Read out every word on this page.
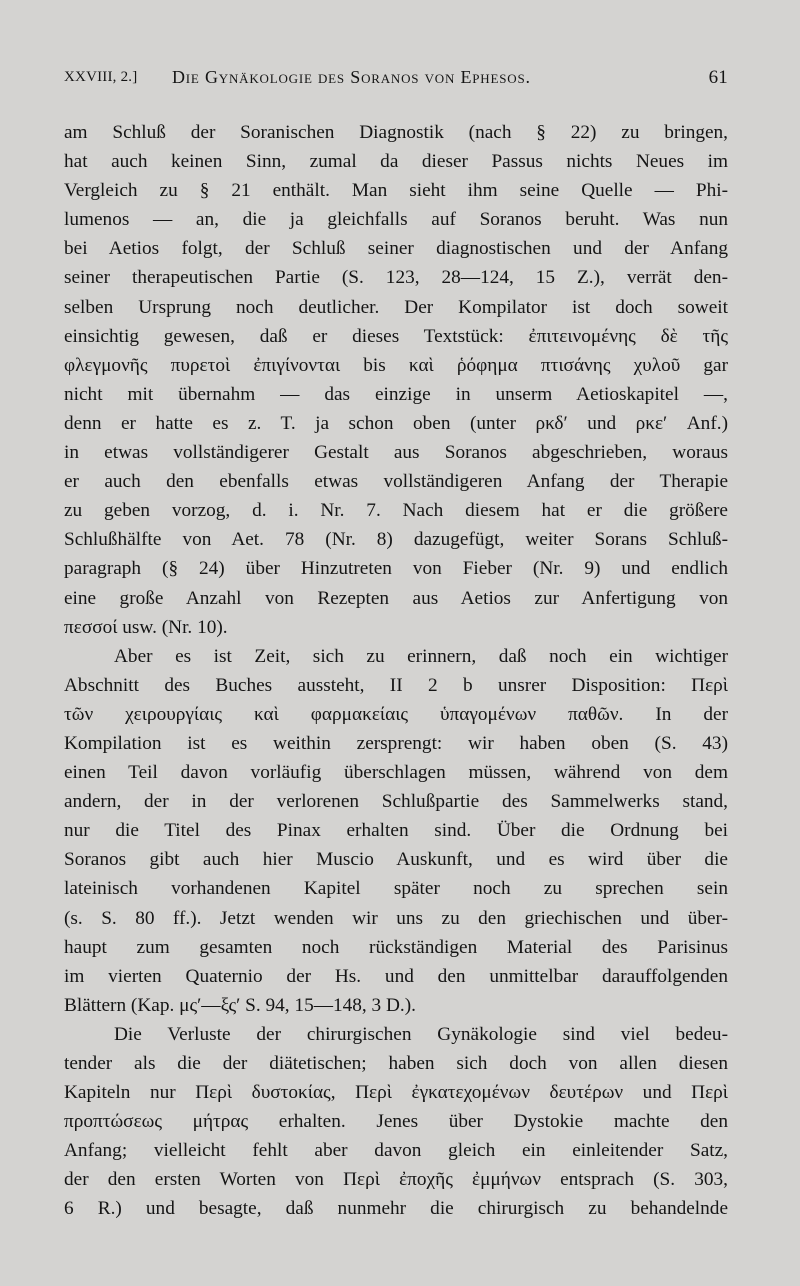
XXVIII, 2.] Die Gynäkologie des Soranos von Ephesos.	61
am Schluß der Soranischen Diagnostik (nach § 22) zu bringen,
hat auch keinen Sinn, zumal da dieser Passus nichts Neues im
Vergleich zu § 21 enthält. Man sieht ihm seine Quelle — Phi-
lumenos — an, die ja gleichfalls auf Soranos beruht. Was nun
bei Aetios folgt, der Schluß seiner diagnostischen und der Anfang
seiner therapeutischen Partie (S. 123, 28—124, 15 Z.), verrät den-
selben Ursprung noch deutlicher. Der Kompilator ist doch soweit
einsichtig gewesen, daß er dieses Textstück: ἐπιτεινομένης δὲ τῆς
φλεγμονῆς πυρετοὶ ἐπιγίνονται bis καὶ ῥόφημα πτισάνης χυλοῦ gar
nicht mit übernahm — das einzige in unserm Aetioskapitel —,
denn er hatte es z. T. ja schon oben (unter ρκδ′ und ρκε′ Anf.)
in etwas vollständigerer Gestalt aus Soranos abgeschrieben, woraus
er auch den ebenfalls etwas vollständigeren Anfang der Therapie
zu geben vorzog, d. i. Nr. 7. Nach diesem hat er die größere
Schlußhälfte von Aet. 78 (Nr. 8) dazugefügt, weiter Sorans Schluß-
paragraph (§ 24) über Hinzutreten von Fieber (Nr. 9) und endlich
eine große Anzahl von Rezepten aus Aetios zur Anfertigung von
πεσσοί usw. (Nr. 10).
Aber es ist Zeit, sich zu erinnern, daß noch ein wichtiger
Abschnitt des Buches aussteht, II 2 b unsrer Disposition: Περὶ
τῶν χειρουργίαις καὶ φαρμακείαις ὑπαγομένων παθῶν. In der
Kompilation ist es weithin zersprengt: wir haben oben (S. 43)
einen Teil davon vorläufig überschlagen müssen, während von dem
andern, der in der verlorenen Schlußpartie des Sammelwerks stand,
nur die Titel des Pinax erhalten sind. Über die Ordnung bei
Soranos gibt auch hier Muscio Auskunft, und es wird über die
lateinisch vorhandenen Kapitel später noch zu sprechen sein
(s. S. 80 ff.). Jetzt wenden wir uns zu den griechischen und über-
haupt zum gesamten noch rückständigen Material des Parisinus
im vierten Quaternio der Hs. und den unmittelbar darauffolgenden
Blättern (Kap. μς′—ξς′ S. 94, 15—148, 3 D.).
Die Verluste der chirurgischen Gynäkologie sind viel bedeu-
tender als die der diätetischen; haben sich doch von allen diesen
Kapiteln nur Περὶ δυστοκίας, Περὶ ἐγκατεχομένων δευτέρων und Περὶ
προπτώσεως μήτρας erhalten. Jenes über Dystokie machte den
Anfang; vielleicht fehlt aber davon gleich ein einleitender Satz,
der den ersten Worten von Περὶ ἐποχῆς ἐμμήνων entsprach (S. 303,
6 R.) und besagte, daß nunmehr die chirurgisch zu behandelnde
